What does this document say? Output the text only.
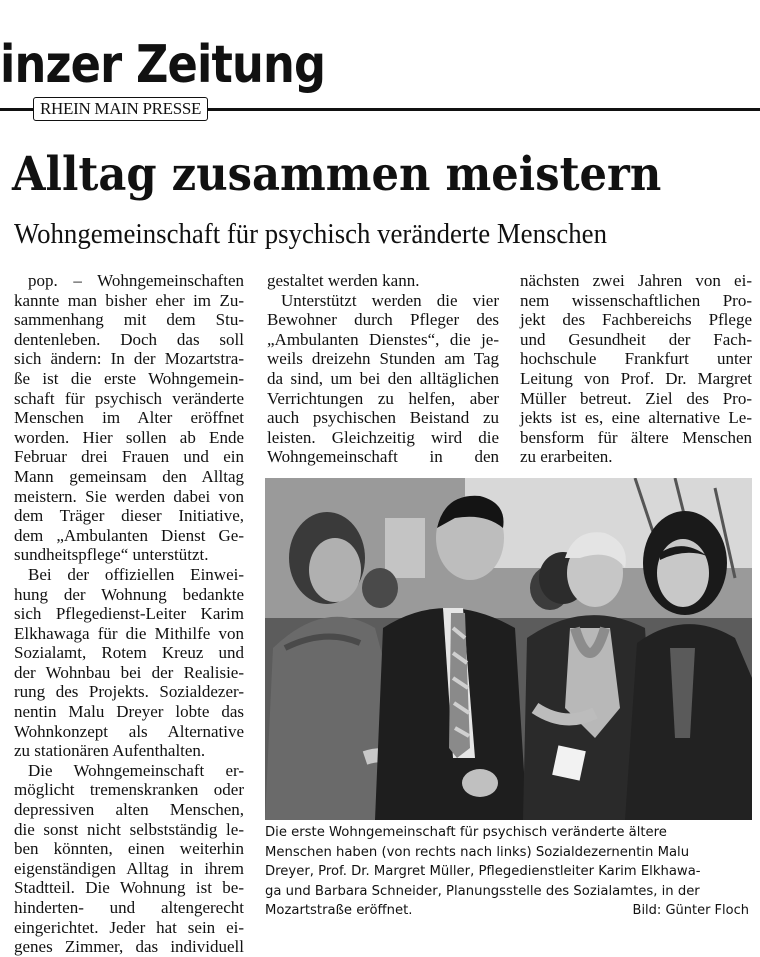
inzer Zeitung
RHEIN MAIN PRESSE
Alltag zusammen meistern
Wohngemeinschaft für psychisch veränderte Menschen
pop. – Wohngemeinschaften
kannte man bisher eher im Zu-
sammenhang mit dem Stu-
dentenleben. Doch das soll
sich ändern: In der Mozartstra-
ße ist die erste Wohngemein-
schaft für psychisch veränderte
Menschen im Alter eröffnet
worden. Hier sollen ab Ende
Februar drei Frauen und ein
Mann gemeinsam den Alltag
meistern. Sie werden dabei von
dem Träger dieser Initiative,
dem „Ambulanten Dienst Ge-
sundheitspflege“ unterstützt.
Bei der offiziellen Einwei-
hung der Wohnung bedankte
sich Pflegedienst-Leiter Karim
Elkhawaga für die Mithilfe von
Sozialamt, Rotem Kreuz und
der Wohnbau bei der Realisie-
rung des Projekts. Sozialdezer-
nentin Malu Dreyer lobte das
Wohnkonzept als Alternative
zu stationären Aufenthalten.
Die Wohngemeinschaft er-
möglicht tremenskranken oder
depressiven alten Menschen,
die sonst nicht selbstständig le-
ben könnten, einen weiterhin
eigenständigen Alltag in ihrem
Stadtteil. Die Wohnung ist be-
hinderten- und altengerecht
eingerichtet. Jeder hat sein ei-
genes Zimmer, das individuell
gestaltet werden kann.
Unterstützt werden die vier
Bewohner durch Pfleger des
„Ambulanten Dienstes“, die je-
weils dreizehn Stunden am Tag
da sind, um bei den alltäglichen
Verrichtungen zu helfen, aber
auch psychischen Beistand zu
leisten. Gleichzeitig wird die
Wohngemeinschaft in den
nächsten zwei Jahren von ei-
nem wissenschaftlichen Pro-
jekt des Fachbereichs Pflege
und Gesundheit der Fach-
hochschule Frankfurt unter
Leitung von Prof. Dr. Margret
Müller betreut. Ziel des Pro-
jekts ist es, eine alternative Le-
bensform für ältere Menschen
zu erarbeiten.
Die erste Wohngemeinschaft für psychisch veränderte ältere
Menschen haben (von rechts nach links) Sozialdezernentin Malu
Dreyer, Prof. Dr. Margret Müller, Pflegedienstleiter Karim Elkhawa-
ga und Barbara Schneider, Planungsstelle des Sozialamtes, in der
Mozartstraße eröffnet.	Bild: Günter Floch
